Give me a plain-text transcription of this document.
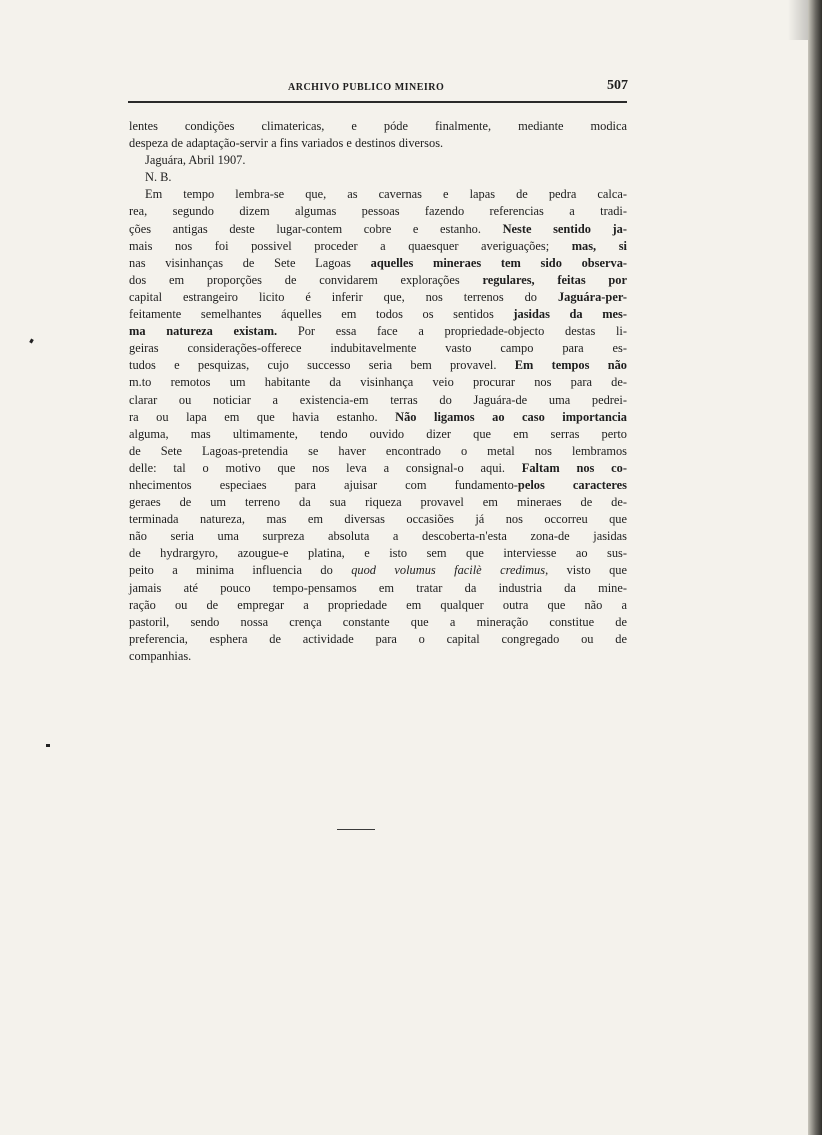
ARCHIVO PUBLICO MINEIRO	507
lentes condições climatericas, e póde finalmente, mediante modica
despeza de adaptação-servir a fins variados e destinos diversos.
Jaguára, Abril 1907.
N. B.
Em tempo lembra-se que, as cavernas e lapas de pedra calca-
rea, segundo dizem algumas pessoas fazendo referencias a tradi-
ções antigas deste lugar-contem cobre e estanho. Neste sentido ja-
mais nos foi possivel proceder a quaesquer averiguações; mas, si
nas visinhanças de Sete Lagoas aquelles mineraes tem sido observa-
dos em proporções de convidarem explorações regulares, feitas por
capital estrangeiro licito é inferir que, nos terrenos do Jaguára-per-
feitamente semelhantes áquelles em todos os sentidos jasidas da mes-
ma natureza existam. Por essa face a propriedade-objecto destas li-
geiras considerações-offerece indubitavelmente vasto campo para es-
tudos e pesquizas, cujo successo seria bem provavel. Em tempos não
m.to remotos um habitante da visinhança veio procurar nos para de-
clarar ou noticiar a existencia-em terras do Jaguára-de uma pedrei-
ra ou lapa em que havia estanho. Não ligamos ao caso importancia
alguma, mas ultimamente, tendo ouvido dizer que em serras perto
de Sete Lagoas-pretendia se haver encontrado o metal nos lembramos
delle: tal o motivo que nos leva a consignal-o aqui. Faltam nos co-
nhecimentos especiaes para ajuisar com fundamento-pelos caracteres
geraes de um terreno da sua riqueza provavel em mineraes de de-
terminada natureza, mas em diversas occasiões já nos occorreu que
não seria uma surpreza absoluta a descoberta-n'esta zona-de jasidas
de hydrargyro, azougue-e platina, e isto sem que interviesse ao sus-
peito a minima influencia do quod volumus facilè credimus, visto que
jamais até pouco tempo-pensamos em tratar da industria da mine-
ração ou de empregar a propriedade em qualquer outra que não a
pastoril, sendo nossa crença constante que a mineração constitue de
preferencia, esphera de actividade para o capital congregado ou de
companhias.
